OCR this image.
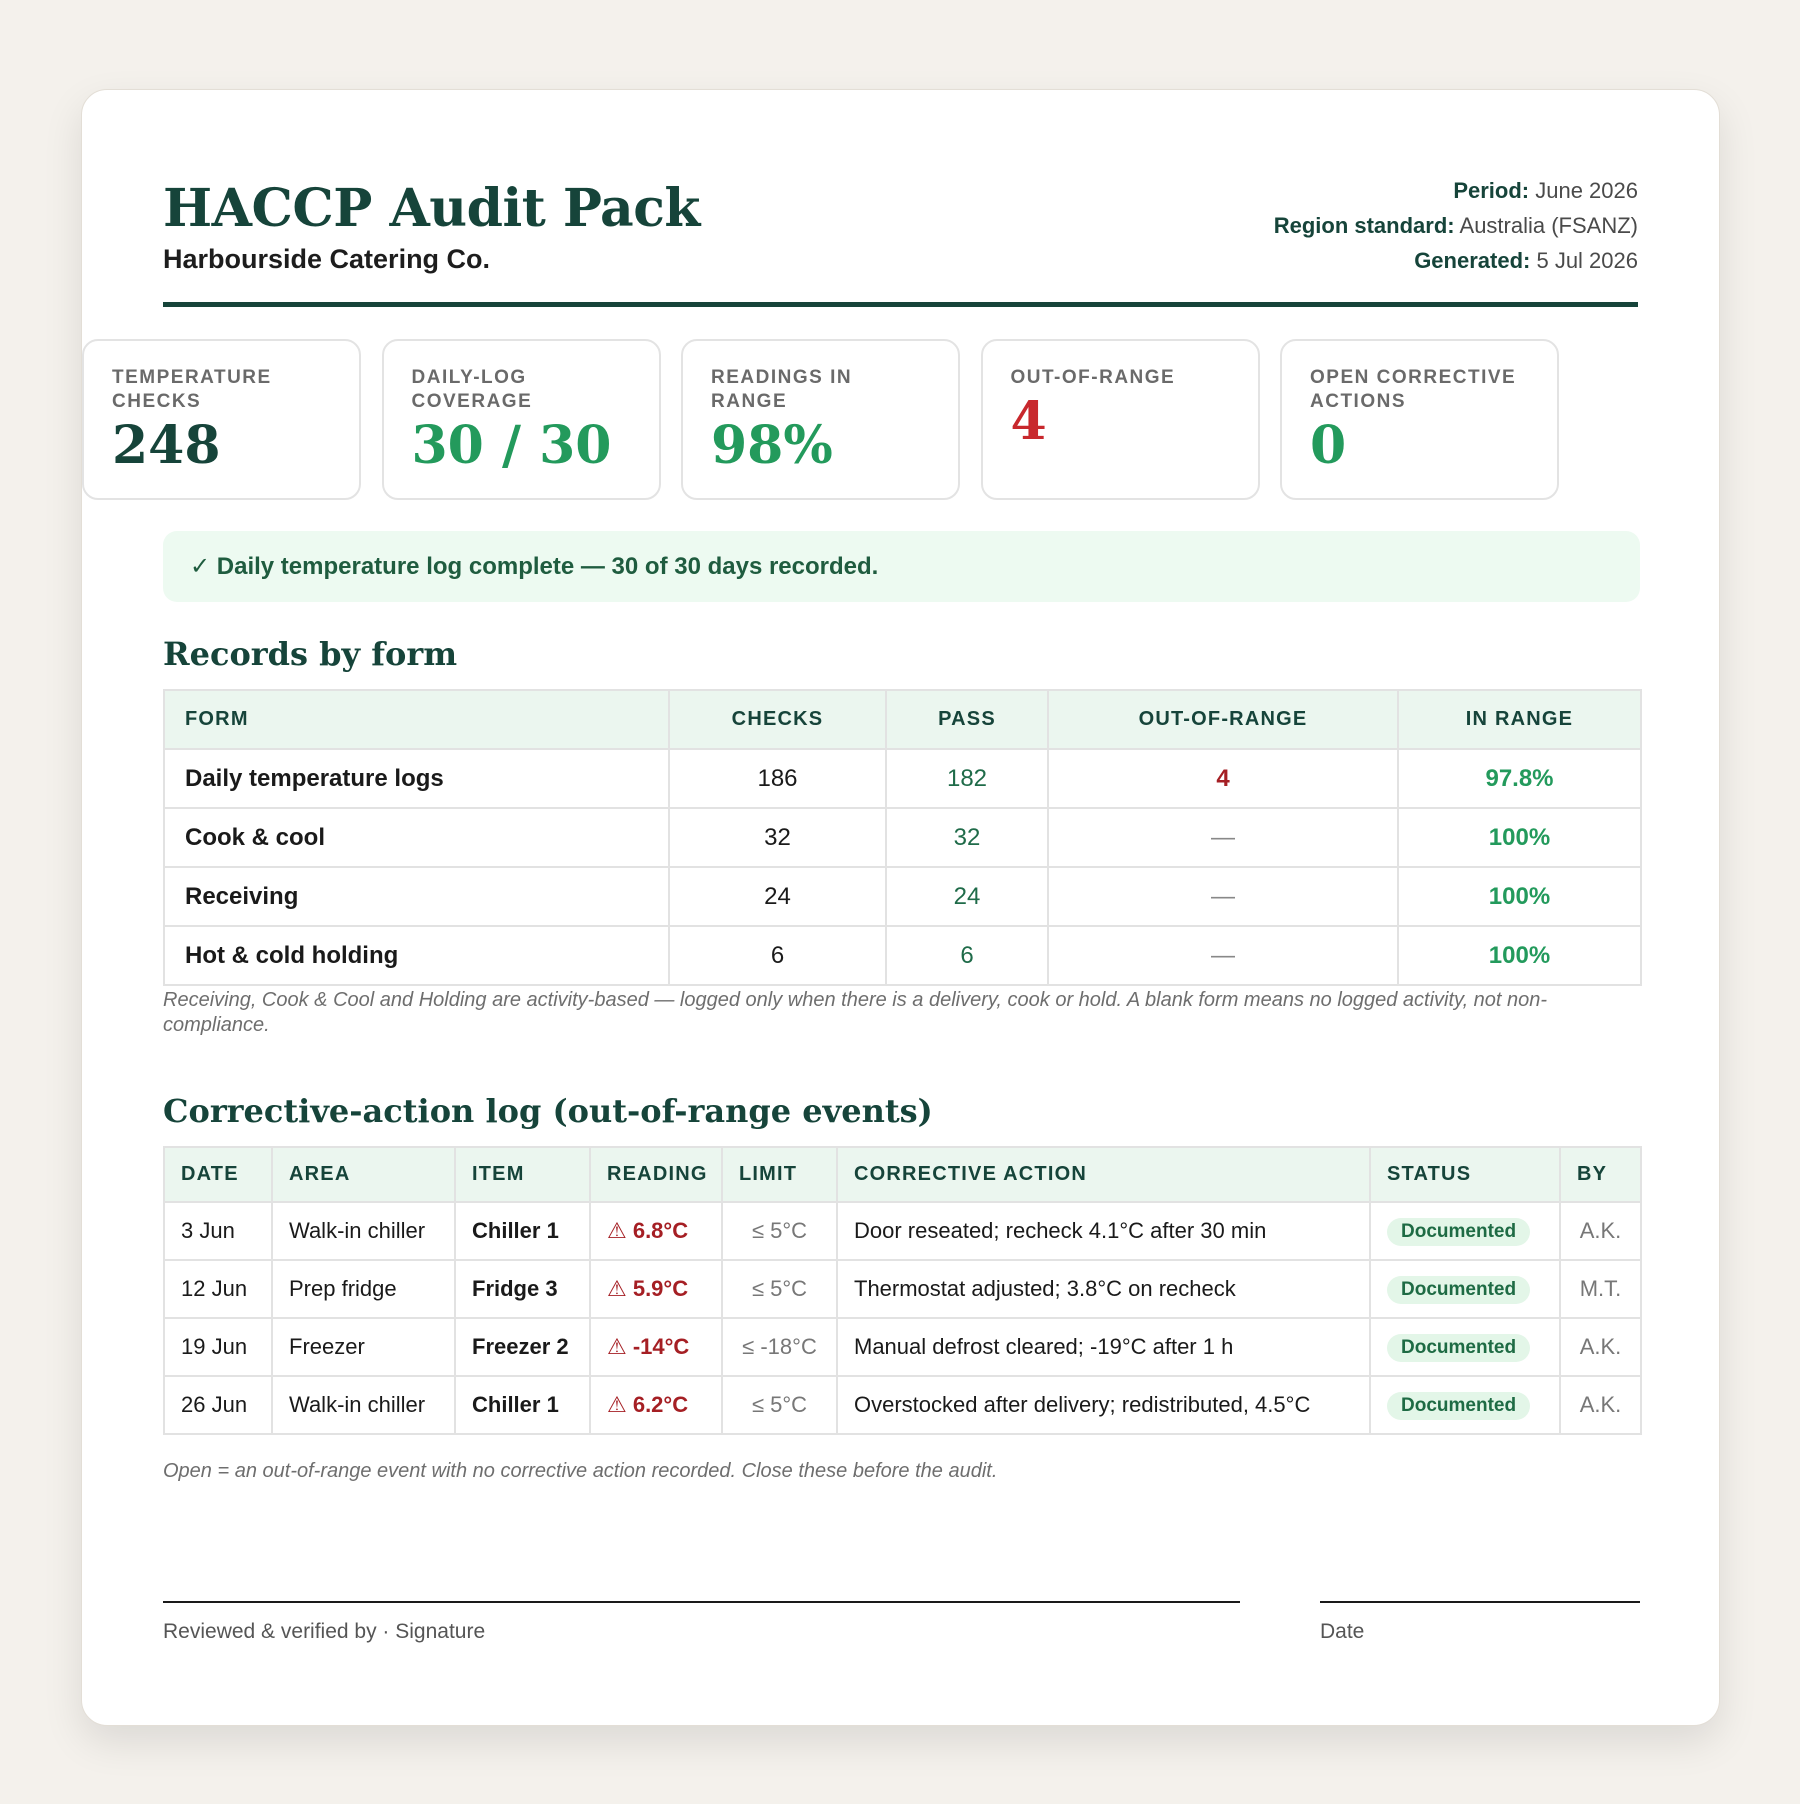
HACCP Audit Pack
Harbourside Catering Co.
Period: June 2026
Region standard: Australia (FSANZ)
Generated: 5 Jul 2026
TEMPERATURE CHECKS
248
DAILY-LOG COVERAGE
30 / 30
READINGS IN RANGE
98%
OUT-OF-RANGE
4
OPEN CORRECTIVE ACTIONS
0
✓ Daily temperature log complete — 30 of 30 days recorded.
Records by form
FORM	CHECKS	PASS	OUT-OF-RANGE	IN RANGE
Daily temperature logs	186	182	4	97.8%
Cook & cool	32	32	—	100%
Receiving	24	24	—	100%
Hot & cold holding	6	6	—	100%

Receiving, Cook & Cool and Holding are activity-based — logged only when there is a delivery, cook or hold. A blank form means no logged activity, not non-compliance.

Corrective-action log (out-of-range events)
DATE	AREA	ITEM	READING	LIMIT	CORRECTIVE ACTION	STATUS	BY
3 Jun	Walk-in chiller	Chiller 1	⚠ 6.8°C	≤ 5°C	Door reseated; recheck 4.1°C after 30 min	Documented	A.K.
12 Jun	Prep fridge	Fridge 3	⚠ 5.9°C	≤ 5°C	Thermostat adjusted; 3.8°C on recheck	Documented	M.T.
19 Jun	Freezer	Freezer 2	⚠ -14°C	≤ -18°C	Manual defrost cleared; -19°C after 1 h	Documented	A.K.
26 Jun	Walk-in chiller	Chiller 1	⚠ 6.2°C	≤ 5°C	Overstocked after delivery; redistributed, 4.5°C	Documented	A.K.

Open = an out-of-range event with no corrective action recorded. Close these before the audit.

Reviewed & verified by · Signature	Date
